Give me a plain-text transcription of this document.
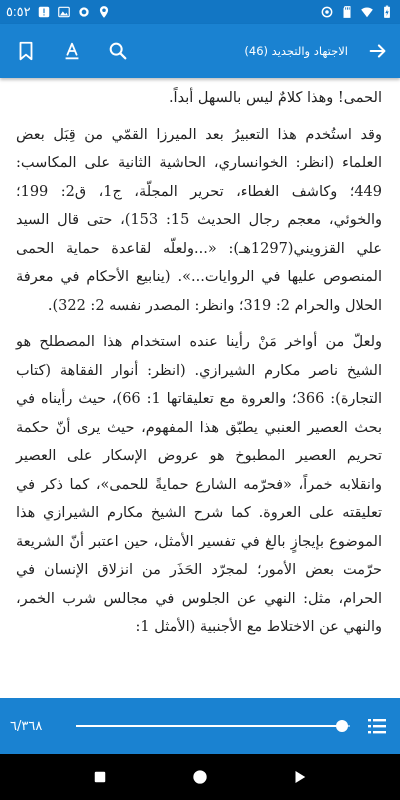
٥:٥٢
الاجتهاد والتجديد (46)

الحمى! وهذا كلامٌ ليس بالسهل أبداً.

وقد استُخدم هذا التعبيرُ بعد الميرزا القمّي من قِبَل بعض العلماء (انظر: الخوانساري، الحاشية الثانية على المكاسب: 449؛ وكاشف الغطاء، تحرير المجلّة، ج1، ق2: 199؛ والخوئي، معجم رجال الحديث 15: 153)، حتى قال السيد علي القزويني(1297هـ): «...ولعلّه لقاعدة حماية الحمى المنصوص عليها في الروايات...». (ينابيع الأحكام في معرفة الحلال والحرام 2: 319؛ وانظر: المصدر نفسه 2: 322).

ولعلّ من أواخر مَنْ رأينا عنده استخدام هذا المصطلح هو الشيخ ناصر مكارم الشيرازي. (انظر: أنوار الفقاهة (كتاب التجارة): 366؛ والعروة مع تعليقاتها 1: 66)، حيث رأيناه في بحث العصير العنبي يطبّق هذا المفهوم، حيث يرى أنّ حكمة تحريم العصير المطبوخ هو عروض الإسكار على العصير وانقلابه خمراً، «فحرّمه الشارع حمايةً للحمى»، كما ذكر في تعليقته على العروة. كما شرح الشيخ مكارم الشيرازي هذا الموضوع بإيجازٍ بالغ في تفسير الأمثل، حين اعتبر أنّ الشريعة حرّمت بعض الأمور؛ لمجرّد الحَذَر من انزلاق الإنسان في الحرام، مثل: النهي عن الجلوس في مجالس شرب الخمر، والنهي عن الاختلاط مع الأجنبية (الأمثل 1:

٦/٣٦٨
